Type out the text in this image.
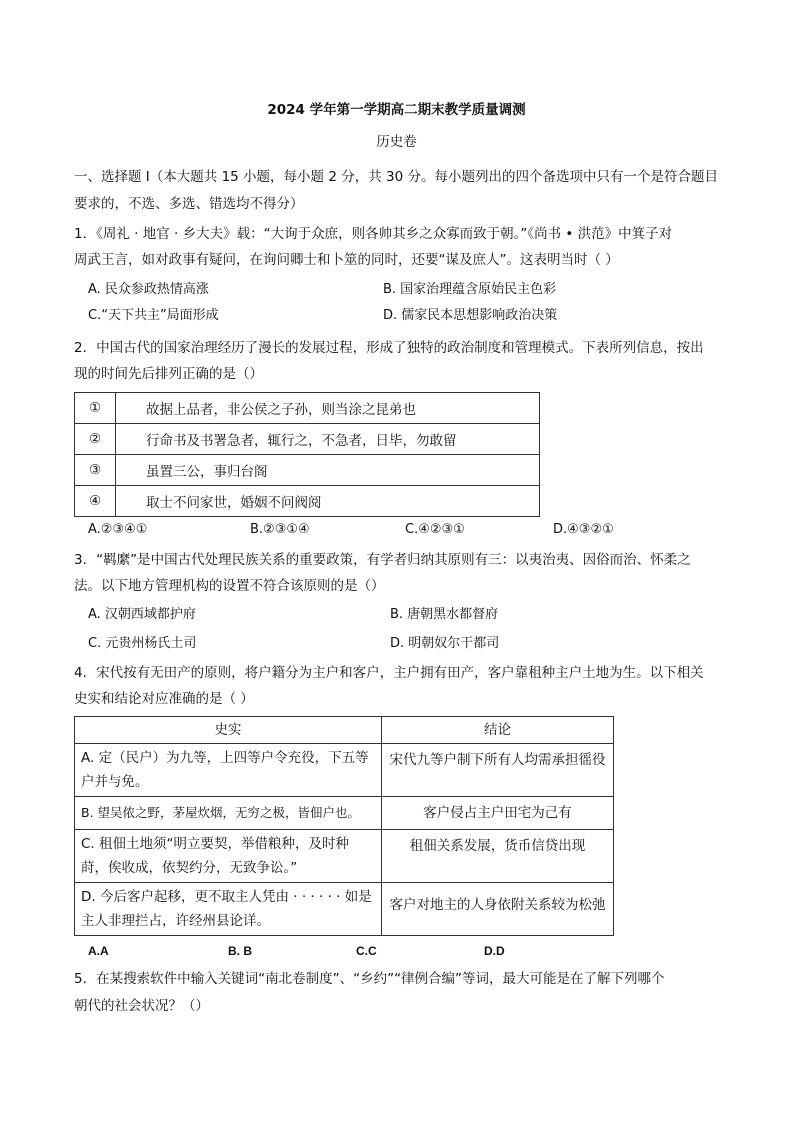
2024 学年第一学期高二期末教学质量调测
历史卷
一、选择题 I（本大题共 15 小题，每小题 2 分，共 30 分。每小题列出的四个备选项中只有一个是符合题目
要求的，不选、多选、错选均不得分）
1．《周礼 · 地官 · 乡大夫》载：“大询于众庶，则各帅其乡之众寡而致于朝。”《尚书 • 洪范》中箕子对
周武王言，如对政事有疑问，在询问卿士和卜筮的同时，还要“谋及庶人”。这表明当时（ ）
A. 民众参政热情高涨	B. 国家治理蕴含原始民主色彩
C.“天下共主”局面形成	D. 儒家民本思想影响政治决策
2．中国古代的国家治理经历了漫长的发展过程，形成了独特的政治制度和管理模式。下表所列信息，按出
现的时间先后排列正确的是（）
①	故据上品者，非公侯之子孙，则当涂之昆弟也
②	行命书及书署急者，辄行之，不急者，日毕，勿敢留
③	虽置三公，事归台阁
④	取士不问家世，婚姻不问阀阅
A.②③④①	B.②③①④	C.④②③①	D.④③②①
3．“羁縻”是中国古代处理民族关系的重要政策，有学者归纳其原则有三：以夷治夷、因俗而治、怀柔之
法。以下地方管理机构的设置不符合该原则的是（）
A. 汉朝西域都护府	B. 唐朝黑水都督府
C. 元贵州杨氏土司	D. 明朝奴尔干都司
4．宋代按有无田产的原则，将户籍分为主户和客户，主户拥有田产，客户靠租种主户土地为生。以下相关
史实和结论对应准确的是（ ）
史实	结论
A. 定（民户）为九等，上四等户令充役，下五等户并与免。	宋代九等户制下所有人均需承担徭役
B. 望吴侬之野，茅屋炊烟，无穷之极，皆佃户也。	客户侵占主户田宅为己有
C. 租佃土地须“明立要契，举借粮种，及时种莳，俟收成，依契约分，无致争讼。”	租佃关系发展，货币信贷出现
D. 今后客户起移，更不取主人凭由 · · · · · · 如是主人非理拦占，许经州县论详。	客户对地主的人身依附关系较为松弛
A.A	B. B	C.C	D.D
5．在某搜索软件中输入关键词“南北卷制度”、“乡约”“律例合编”等词，最大可能是在了解下列哪个
朝代的社会状况？（）
